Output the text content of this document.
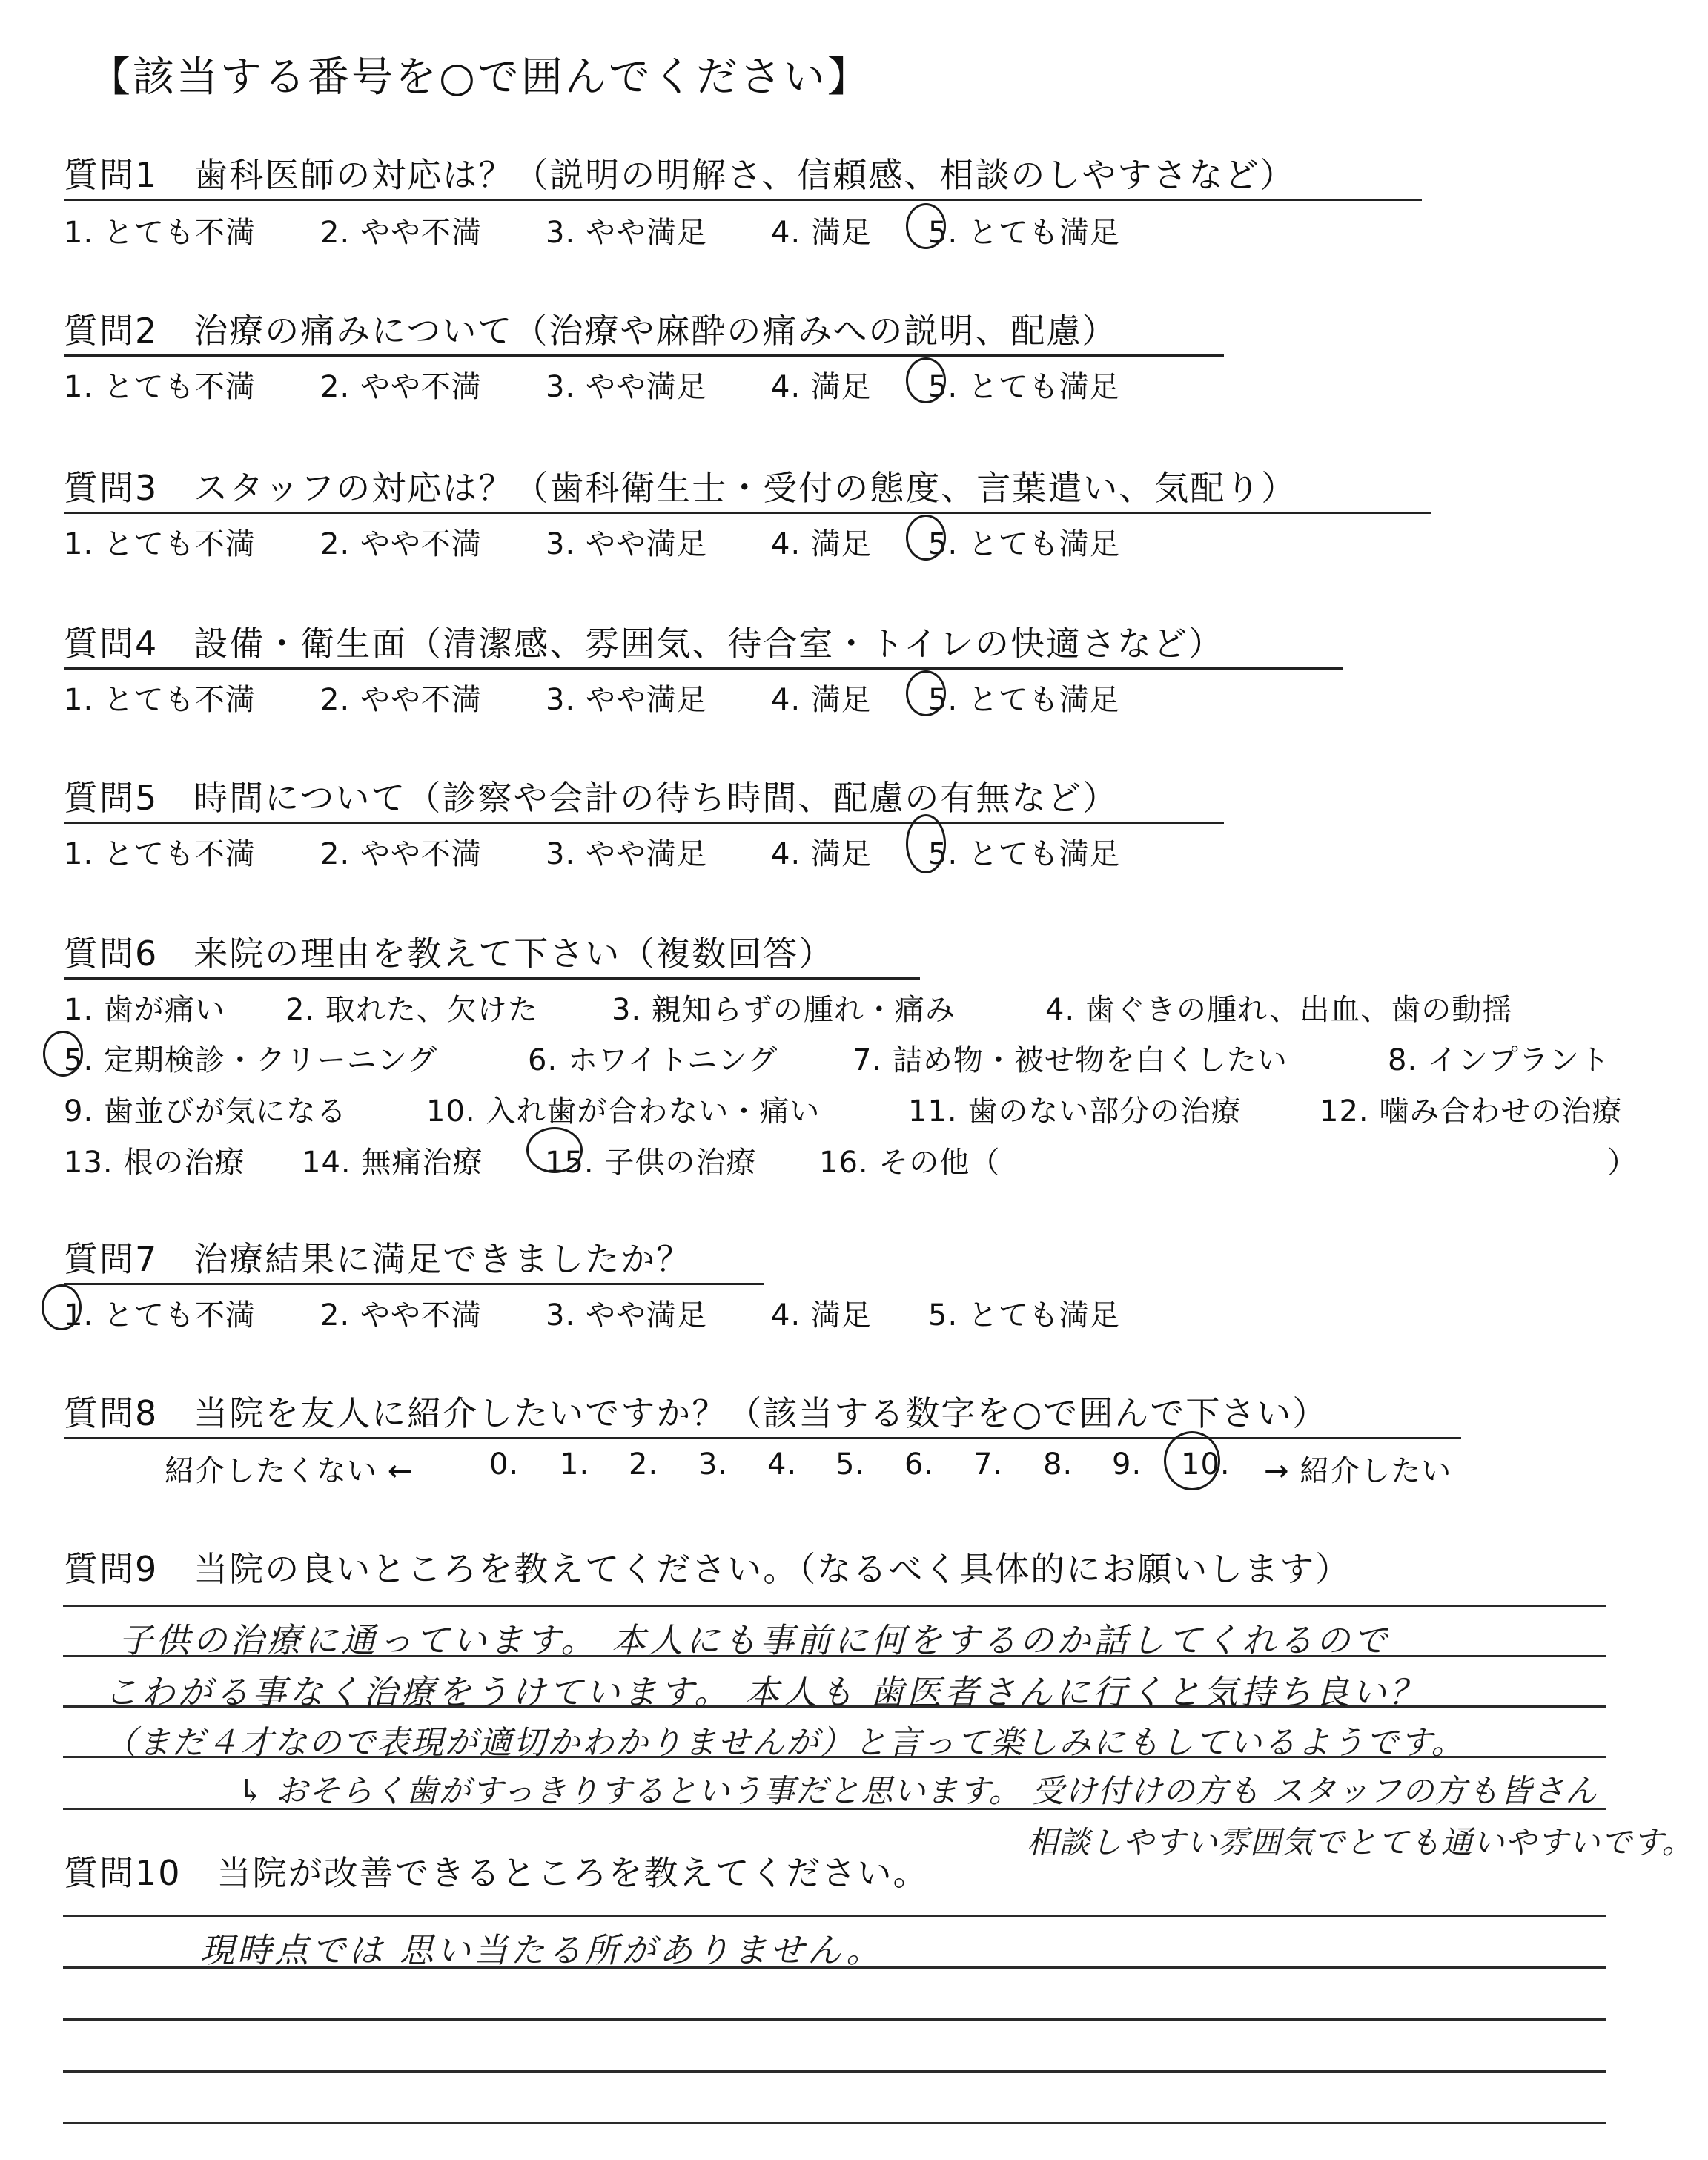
【該当する番号を○で囲んでください】
質問1　歯科医師の対応は？（説明の明解さ、信頼感、相談のしやすさなど）
1. とても不満 2. やや不満 3. やや満足 4. 満足 5. とても満足
質問2　治療の痛みについて（治療や麻酔の痛みへの説明、配慮）
1. とても不満 2. やや不満 3. やや満足 4. 満足 5. とても満足
質問3　スタッフの対応は？（歯科衛生士・受付の態度、言葉遣い、気配り）
1. とても不満 2. やや不満 3. やや満足 4. 満足 5. とても満足
質問4　設備・衛生面（清潔感、雰囲気、待合室・トイレの快適さなど）
1. とても不満 2. やや不満 3. やや満足 4. 満足 5. とても満足
質問5　時間について（診察や会計の待ち時間、配慮の有無など）
1. とても不満 2. やや不満 3. やや満足 4. 満足 5. とても満足
質問6　来院の理由を教えて下さい（複数回答）
1. 歯が痛い 2. 取れた、欠けた 3. 親知らずの腫れ・痛み	4. 歯ぐきの腫れ、出血、歯の動揺
5. 定期検診・クリーニング	6. ホワイトニング	7. 詰め物・被せ物を白くしたい	8. インプラント
9. 歯並びが気になる	10. 入れ歯が合わない・痛い	11. 歯のない部分の治療	12. 噛み合わせの治療
13. 根の治療 14. 無痛治療 15. 子供の治療 16. その他（	）
質問7　治療結果に満足できましたか？
1. とても不満 2. やや不満 3. やや満足 4. 満足 5. とても満足
質問8　当院を友人に紹介したいですか？（該当する数字を○で囲んで下さい）
紹介したくない ←	0. 1. 2. 3. 4. 5. 6. 7. 8. 9. 10. → 紹介したい
質問9　当院の良いところを教えてください。（なるべく具体的にお願いします）
子供の治療に通っています。 本人にも事前に何をするのか話してくれるので
こわがる事なく治療をうけています。 本人も 歯医者さんに行くと気持ち良い？
（まだ４才なので表現が適切かわかりませんが）と言って楽しみにもしているようです。
↳ おそらく歯がすっきりするという事だと思います。 受け付けの方も スタッフの方も皆さん
相談しやすい雰囲気でとても通いやすいです。
質問10　当院が改善できるところを教えてください。
現時点では 思い当たる所がありません。
